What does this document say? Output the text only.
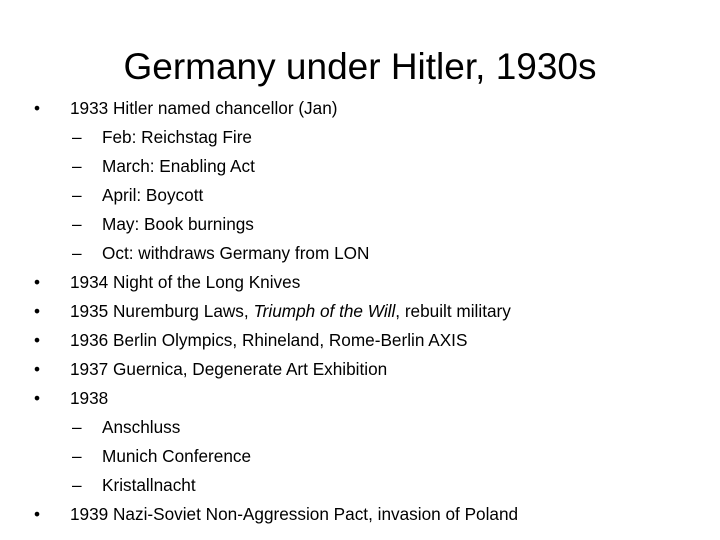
Germany under Hitler, 1930s
•	1933 Hitler named chancellor (Jan)
–	Feb: Reichstag Fire
–	March: Enabling Act
–	April: Boycott
–	May: Book burnings
–	Oct: withdraws Germany from LON
•	1934 Night of the Long Knives
•	1935 Nuremburg Laws, Triumph of the Will, rebuilt military
•	1936 Berlin Olympics, Rhineland, Rome-Berlin AXIS
•	1937 Guernica, Degenerate Art Exhibition
•	1938
–	Anschluss
–	Munich Conference
–	Kristallnacht
•	1939 Nazi-Soviet Non-Aggression Pact, invasion of Poland
